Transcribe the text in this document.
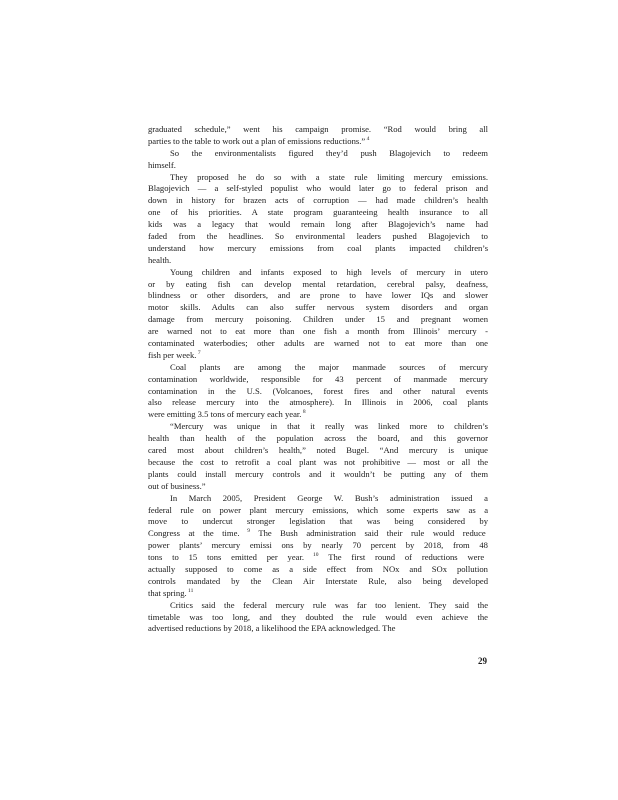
graduated schedule,” went his campaign promise. “Rod would bring all
parties to the table to work out a plan of emissions reductions.” $^4$
So the environmentalists figured they’d push Blagojevich to redeem
himself.
They proposed he do so with a state rule limiting mercury emissions.
Blagojevich — a self-styled populist who would later go to federal prison and
down in history for brazen acts of corruption — had made children’s health
one of his priorities. A state program guaranteeing health insurance to all
kids was a legacy that would remain long after Blagojevich’s name had
faded from the headlines. So environmental leaders pushed Blagojevich to
understand how mercury emissions from coal plants impacted children’s
health.
Young children and infants exposed to high levels of mercury in utero
or by eating fish can develop mental retardation, cerebral palsy, deafness,
blindness or other disorders, and are prone to have lower IQs and slower
motor skills. Adults can also suffer nervous system disorders and organ
damage from mercury poisoning. Children under 15 and pregnant women
are warned not to eat more than one fish a month from Illinois’ mercury -
contaminated waterbodies; other adults are warned not to eat more than one
fish per week. $^7$
Coal plants are among the major manmade sources of mercury
contamination worldwide, responsible for 43 percent of manmade mercury
contamination in the U.S. (Volcanoes, forest fires and other natural events
also release mercury into the atmosphere). In Illinois in 2006, coal plants
were emitting 3.5 tons of mercury each year. $^8$
“Mercury was unique in that it really was linked more to children’s
health than health of the population across the board, and this governor
cared most about children’s health,” noted Bugel. “And mercury is unique
because the cost to retrofit a coal plant was not prohibitive — most or all the
plants could install mercury controls and it wouldn’t be putting any of them
out of business.”
In March 2005, President George W. Bush’s administration issued a
federal rule on power plant mercury emissions, which some experts saw as a
move to undercut stronger legislation that was being considered by
Congress at the time. $^9$ The Bush administration said their rule would reduce
power plants’ mercury emissi ons by nearly 70 percent by 2018, from 48
tons to 15 tons emitted per year. $^{10}$ The first round of reductions were
actually supposed to come as a side effect from NOx and SOx pollution
controls mandated by the Clean Air Interstate Rule, also being developed
that spring. $^{11}$
Critics said the federal mercury rule was far too lenient. They said the
timetable was too long, and they doubted the rule would even achieve the
advertised reductions by 2018, a likelihood the EPA acknowledged. The

29
